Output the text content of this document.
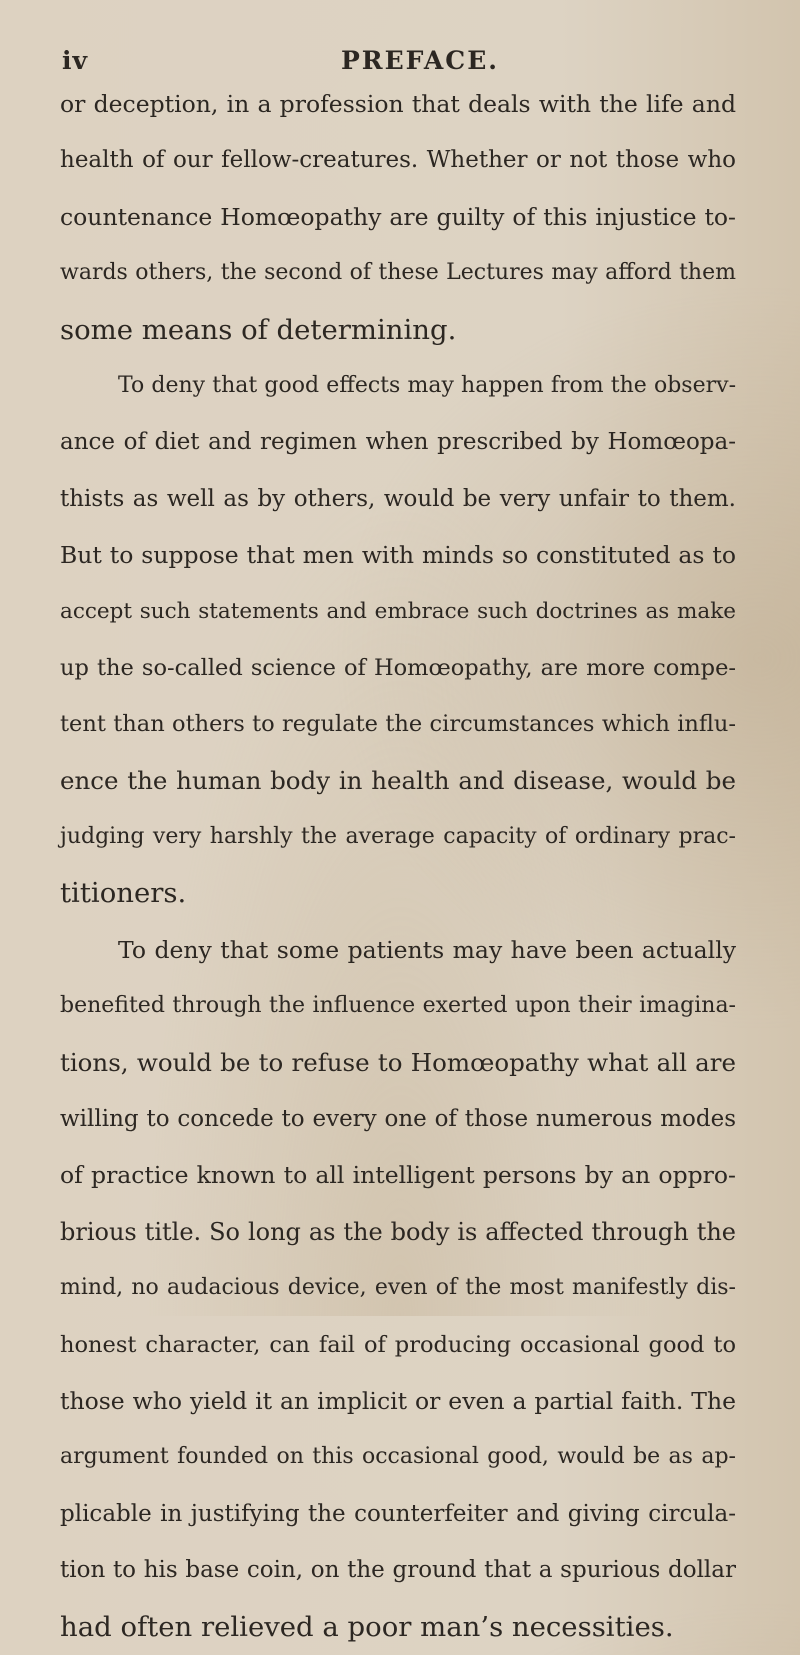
iv	PREFACE.
or deception, in a profession that deals with the life and
health of our fellow-creatures. Whether or not those who
countenance Homœopathy are guilty of this injustice to-
wards others, the second of these Lectures may afford them
some means of determining.
To deny that good effects may happen from the observ-
ance of diet and regimen when prescribed by Homœopa-
thists as well as by others, would be very unfair to them.
But to suppose that men with minds so constituted as to
accept such statements and embrace such doctrines as make
up the so-called science of Homœopathy, are more compe-
tent than others to regulate the circumstances which influ-
ence the human body in health and disease, would be
judging very harshly the average capacity of ordinary prac-
titioners.
To deny that some patients may have been actually
benefited through the influence exerted upon their imagina-
tions, would be to refuse to Homœopathy what all are
willing to concede to every one of those numerous modes
of practice known to all intelligent persons by an oppro-
brious title. So long as the body is affected through the
mind, no audacious device, even of the most manifestly dis-
honest character, can fail of producing occasional good to
those who yield it an implicit or even a partial faith. The
argument founded on this occasional good, would be as ap-
plicable in justifying the counterfeiter and giving circula-
tion to his base coin, on the ground that a spurious dollar
had often relieved a poor man’s necessities.
